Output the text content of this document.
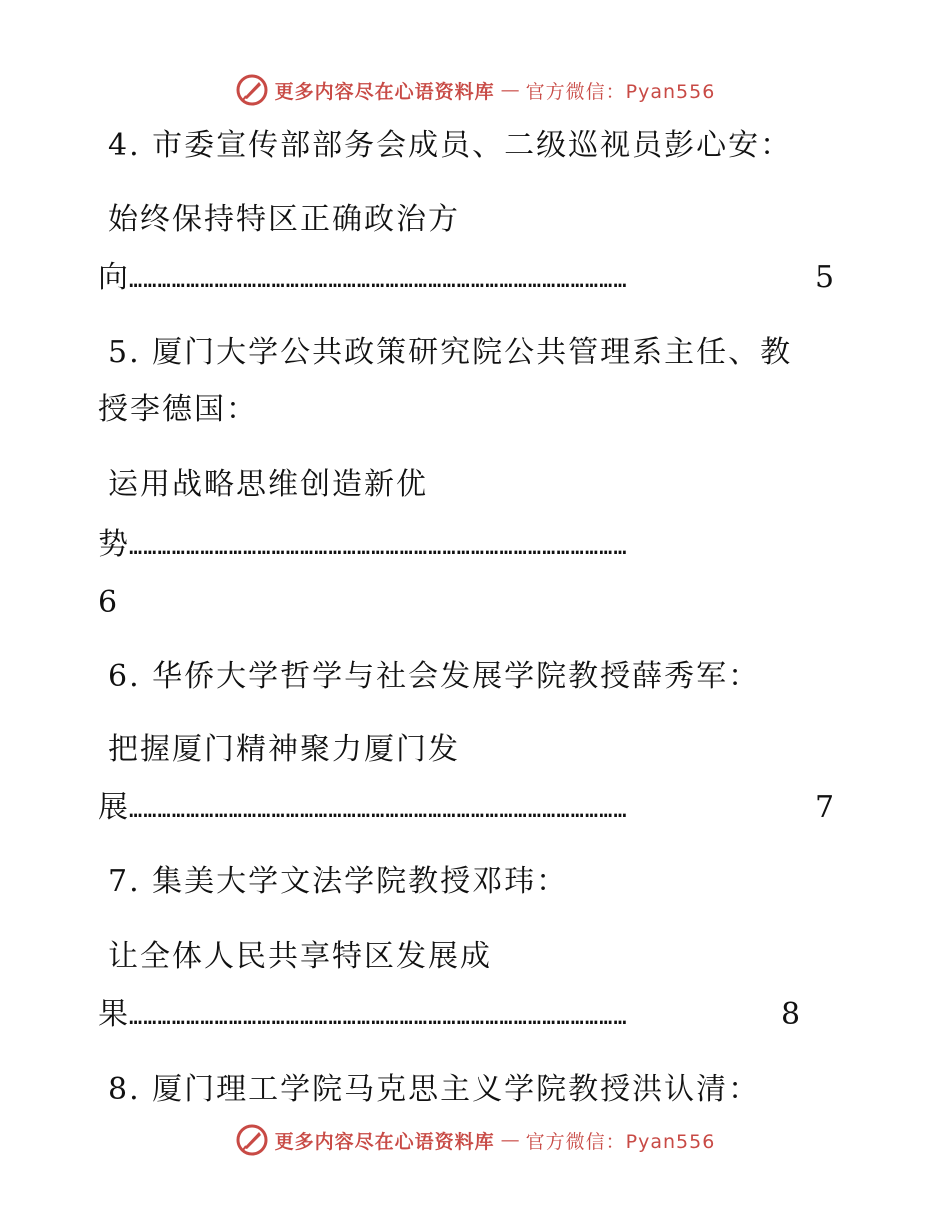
更多内容尽在心语资料库 — 官方微信：Pyan556
4. 市委宣传部部务会成员、二级巡视员彭心安：
始终保持特区正确政治方
向 ……………………………………………………………………………………………	5
5. 厦门大学公共政策研究院公共管理系主任、教
授李德国：
运用战略思维创造新优
势 ……………………………………………………………………………………………
6
6. 华侨大学哲学与社会发展学院教授薛秀军：
把握厦门精神聚力厦门发
展 ……………………………………………………………………………………………	7
7. 集美大学文法学院教授邓玮：
让全体人民共享特区发展成
果 ……………………………………………………………………………………………	8
8. 厦门理工学院马克思主义学院教授洪认清：
更多内容尽在心语资料库 — 官方微信：Pyan556
